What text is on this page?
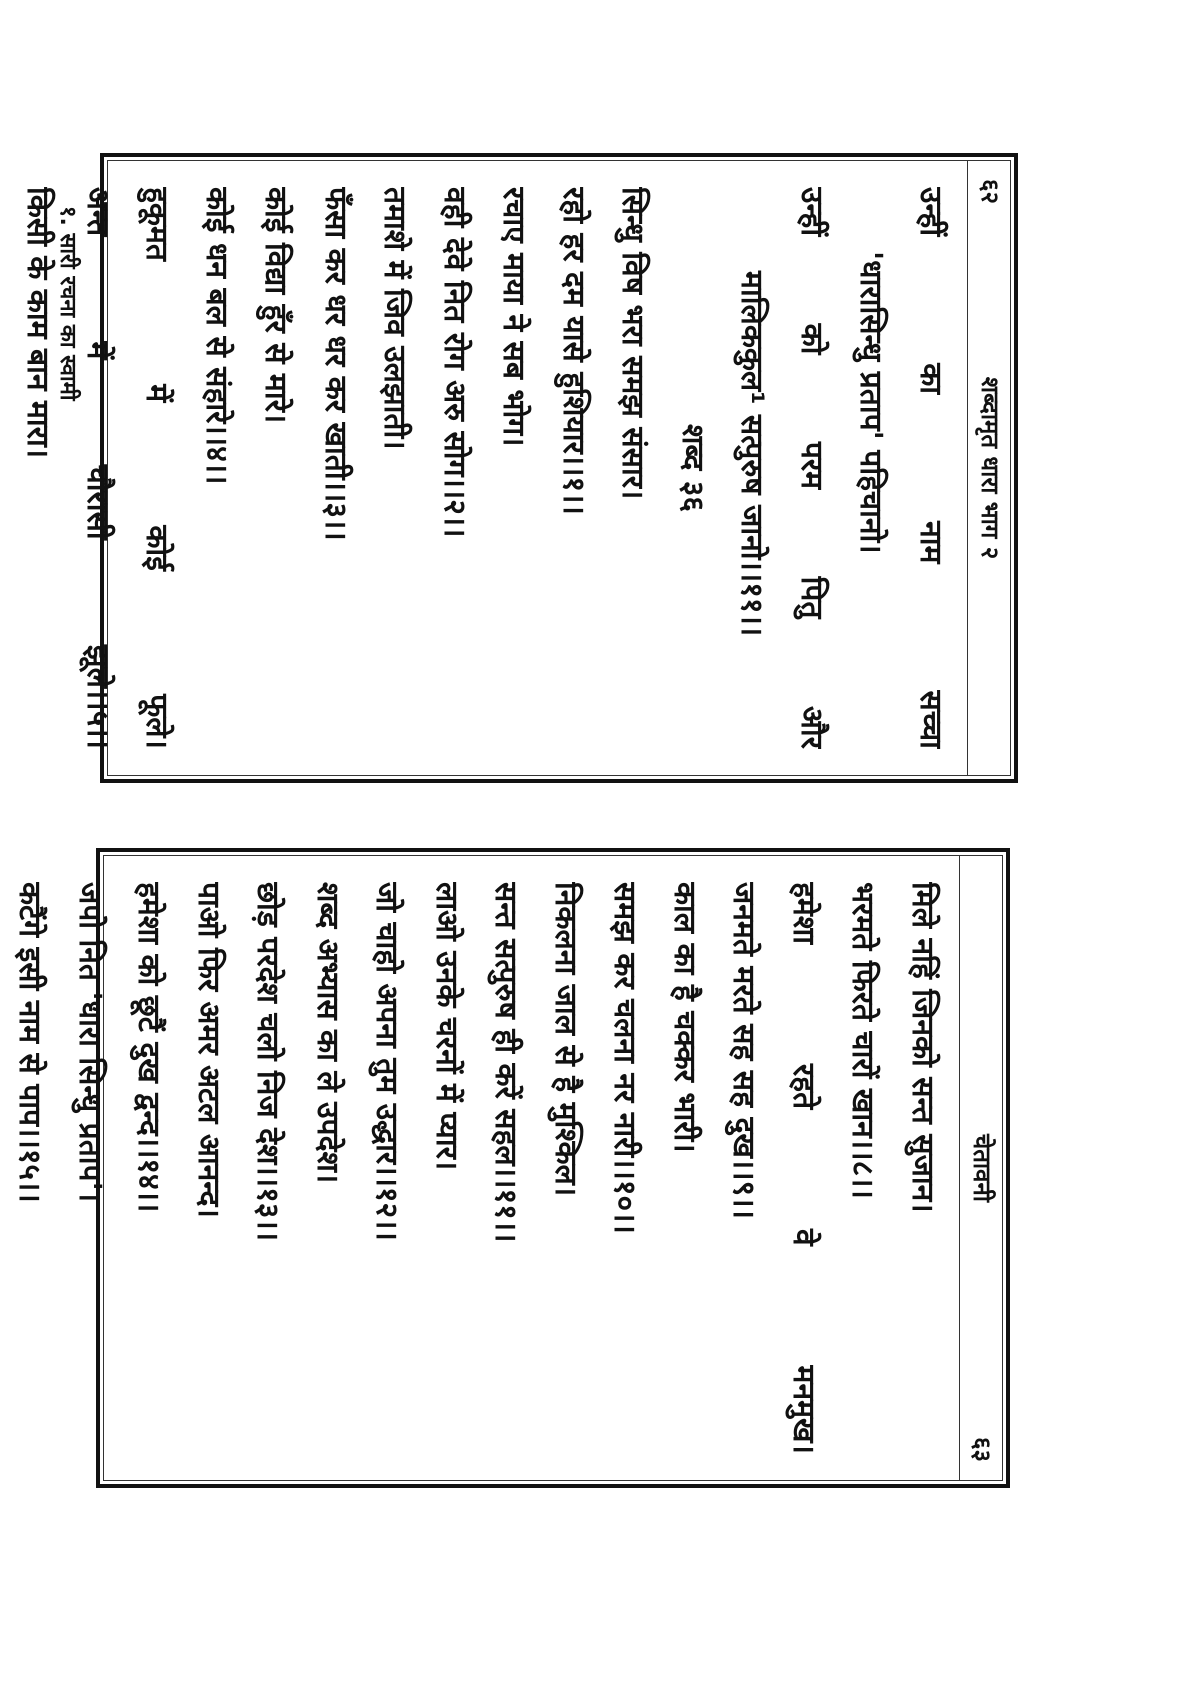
६२
शब्दामृत धारा भाग २
उन्हीं
का
नाम
सच्चा
'धारासिन्धु प्रताप' पहिचानो।
उन्हीं
को
परम
पितु
और
मालिककुल¹ सत्पुरुष जानो।।११।।
शब्द ३६
सिन्धु विष भरा समझ संसार।
रहो हर दम यासे हुशियार।।१।।
रचाए माया ने सब भोग।
वही देवे नित रोग अरु सोग।।२।।
तमाशे में जिव उलझाती।
फँसा कर धर धर कर खाती।।३।।
कोई विद्या हुँर से मारे।
कोई धन बल से संहारे।।४।।
हुकूमत
में
कोई
फूले।
अन्त
में
चौरासी
झूले।।५।।
किसी के काम बान मारा। १. सारी रचना का स्वामी
चेतावनी
६३
मिले नहिं जिनको सन्त सुजान।
भरमते फिरते चारों खान।।८।।
हमेशा
रहते
वे
मनमुख।
जनमते मरते सह सह दुख।।९।।
काल का है चक्कर भारी।
समझ कर चलना नर नारी।।१०।।
निकलना जाल से है मुश्किल।
सन्त सत्पुरुष ही करें सहल।।११।।
लाओ उनके चरनों में प्यार।
जो चाहो अपना तुम उद्धार।।१२।।
शब्द अभ्यास का ले उपदेश।
छोड़ परदेश चलो निज देश।।१३।।
पाओ फिर अमर अटल आनन्द।
हमेशा को छूटैं दुख द्वन्द।।१४।।
जपो नित 'धारा सिन्धु प्रताप'।
कटैंगे इसी नाम से पाप।।१५।।
